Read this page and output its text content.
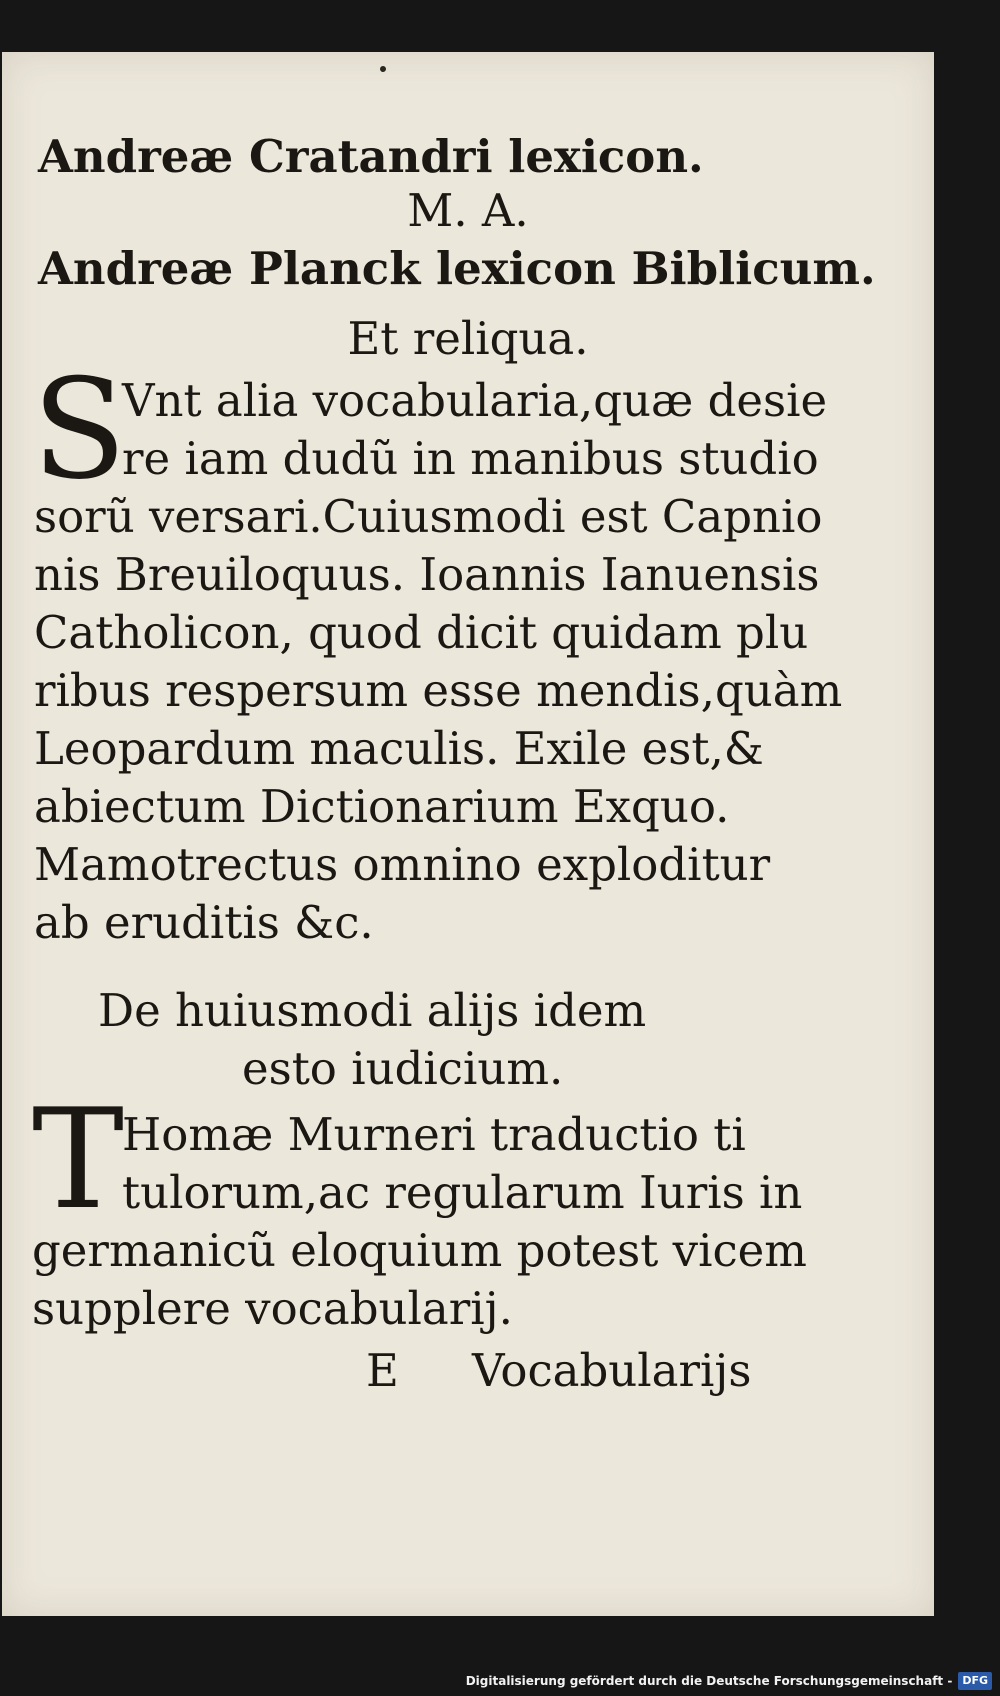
Andreæ Cratandri lexicon.
M. A.
Andreæ Planck lexicon Biblicum.
Et reliqua.
S
Vnt alia vocabularia,quæ desie
re iam dudũ in manibus studio
sorũ versari.Cuiusmodi est Capnio
nis Breuiloquus. Ioannis Ianuensis
Catholicon, quod dicit quidam plu
ribus respersum esse mendis,quàm
Leopardum maculis. Exile est,&
abiectum Dictionarium Exquo.
Mamotrectus omnino exploditur
ab eruditis &c.
De huiusmodi alijs idem
esto iudicium.
T
Homæ Murneri traductio ti
tulorum,ac regularum Iuris in
germanicũ eloquium potest vicem
supplere vocabularij.
E Vocabularijs
Digitalisierung gefördert durch die Deutsche Forschungsgemeinschaft - DFG
